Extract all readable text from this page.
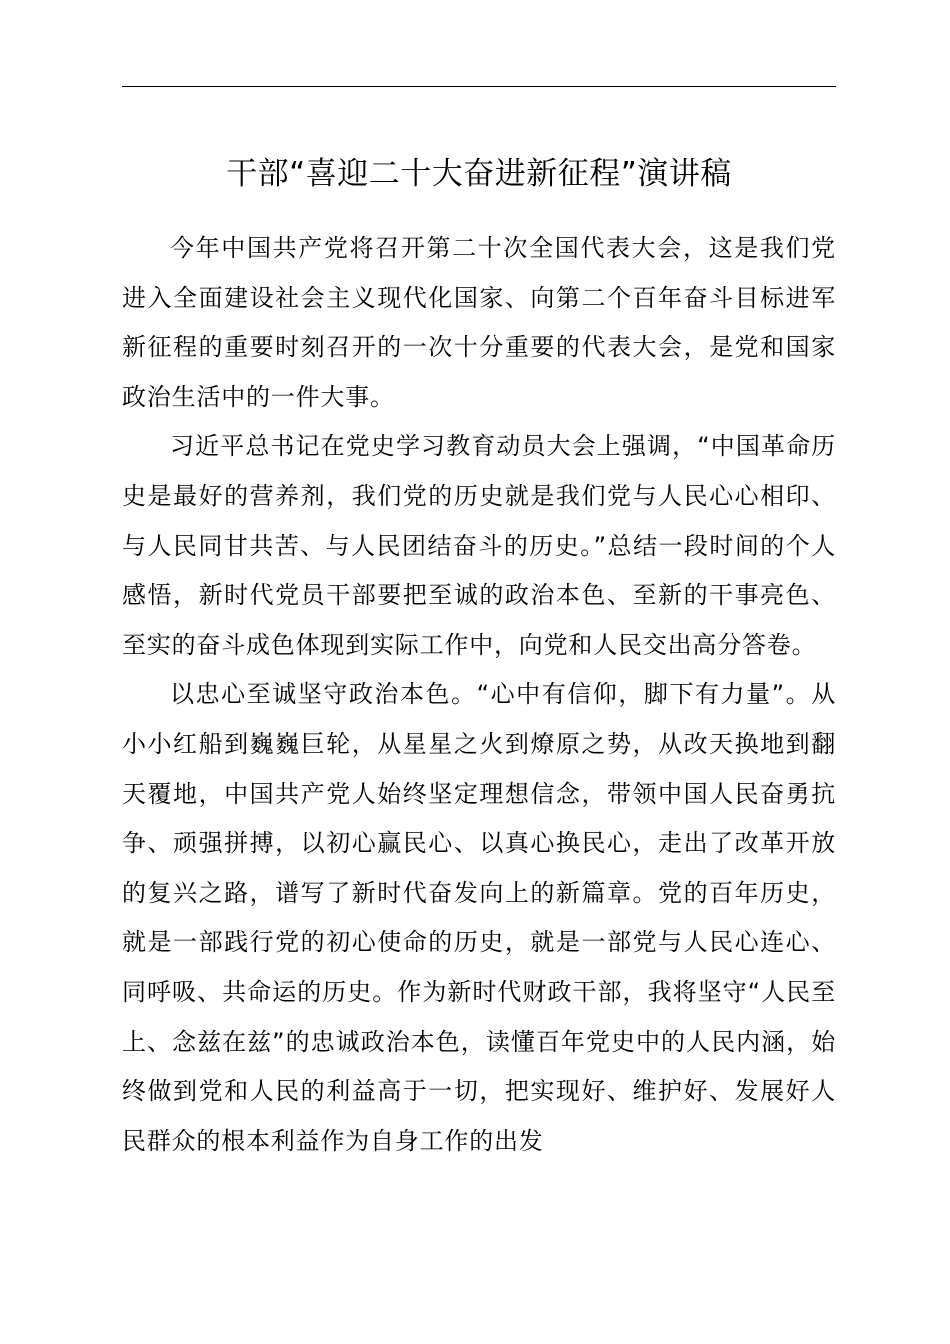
干部“喜迎二十大奋进新征程”演讲稿

今年中国共产党将召开第二十次全国代表大会，这是我们党进入全面建设社会主义现代化国家、向第二个百年奋斗目标进军新征程的重要时刻召开的一次十分重要的代表大会，是党和国家政治生活中的一件大事。

习近平总书记在党史学习教育动员大会上强调，“中国革命历史是最好的营养剂，我们党的历史就是我们党与人民心心相印、与人民同甘共苦、与人民团结奋斗的历史。”总结一段时间的个人感悟，新时代党员干部要把至诚的政治本色、至新的干事亮色、至实的奋斗成色体现到实际工作中，向党和人民交出高分答卷。

以忠心至诚坚守政治本色。“心中有信仰，脚下有力量”。从小小红船到巍巍巨轮，从星星之火到燎原之势，从改天换地到翻天覆地，中国共产党人始终坚定理想信念，带领中国人民奋勇抗争、顽强拼搏，以初心赢民心、以真心换民心，走出了改革开放的复兴之路，谱写了新时代奋发向上的新篇章。党的百年历史，就是一部践行党的初心使命的历史，就是一部党与人民心连心、同呼吸、共命运的历史。作为新时代财政干部，我将坚守“人民至上、念兹在兹”的忠诚政治本色，读懂百年党史中的人民内涵，始终做到党和人民的利益高于一切，把实现好、维护好、发展好人民群众的根本利益作为自身工作的出发
